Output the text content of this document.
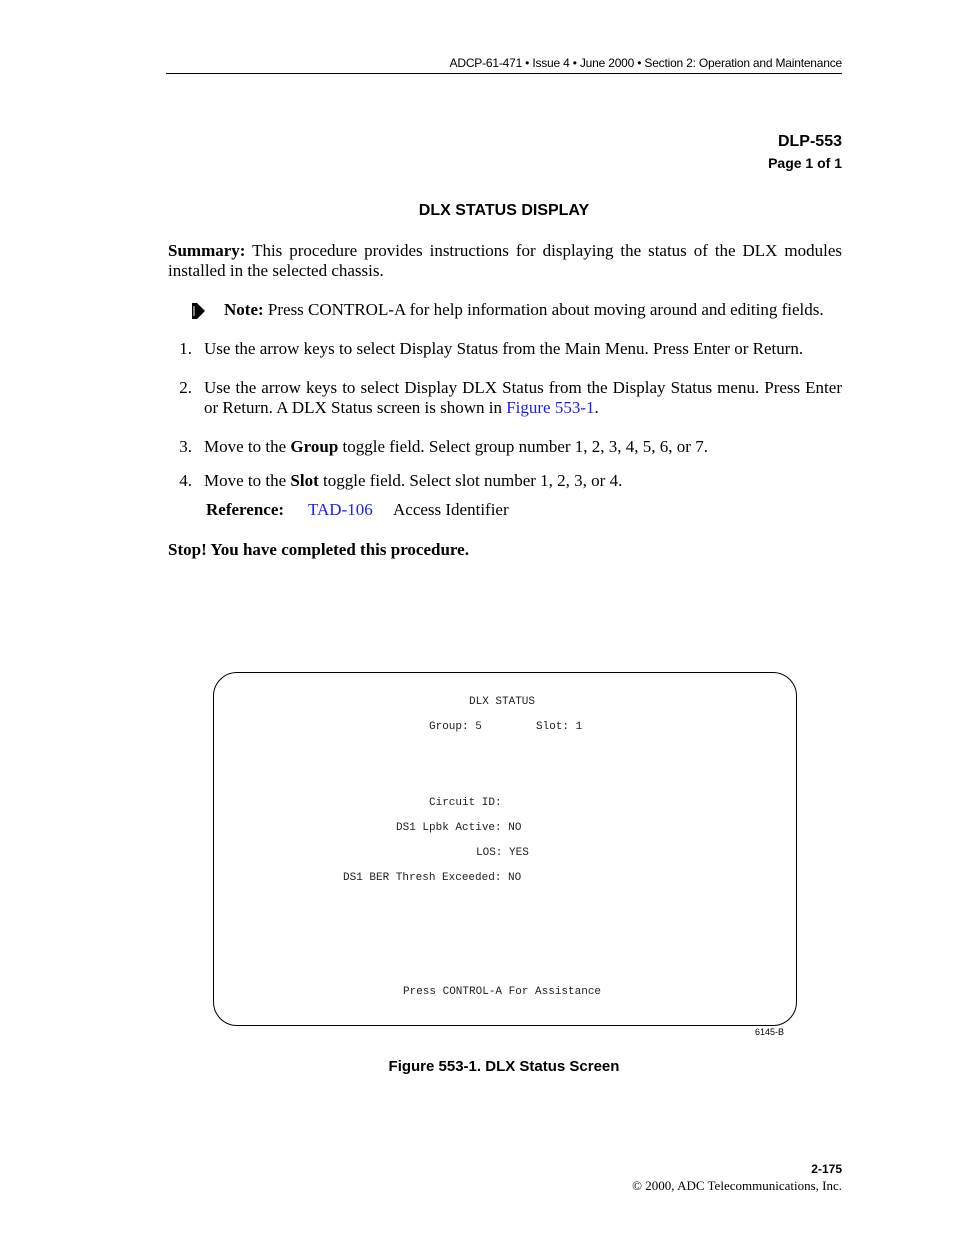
ADCP-61-471 • Issue 4 • June 2000 • Section 2: Operation and Maintenance
DLP-553
Page 1 of 1
DLX STATUS DISPLAY
Summary: This procedure provides instructions for displaying the status of the DLX modules installed in the selected chassis.
Note: Press CONTROL-A for help information about moving around and editing fields.
1. Use the arrow keys to select Display Status from the Main Menu. Press Enter or Return.
2. Use the arrow keys to select Display DLX Status from the Display Status menu. Press Enter or Return. A DLX Status screen is shown in Figure 553-1.
3. Move to the Group toggle field. Select group number 1, 2, 3, 4, 5, 6, or 7.
4. Move to the Slot toggle field. Select slot number 1, 2, 3, or 4.
Reference: TAD-106 Access Identifier
Stop! You have completed this procedure.
DLX STATUS
Group: 5	Slot: 1
Circuit ID:
DS1 Lpbk Active: NO
LOS: YES
DS1 BER Thresh Exceeded: NO
Press CONTROL-A For Assistance
6145-B
Figure 553-1. DLX Status Screen
2-175
© 2000, ADC Telecommunications, Inc.
